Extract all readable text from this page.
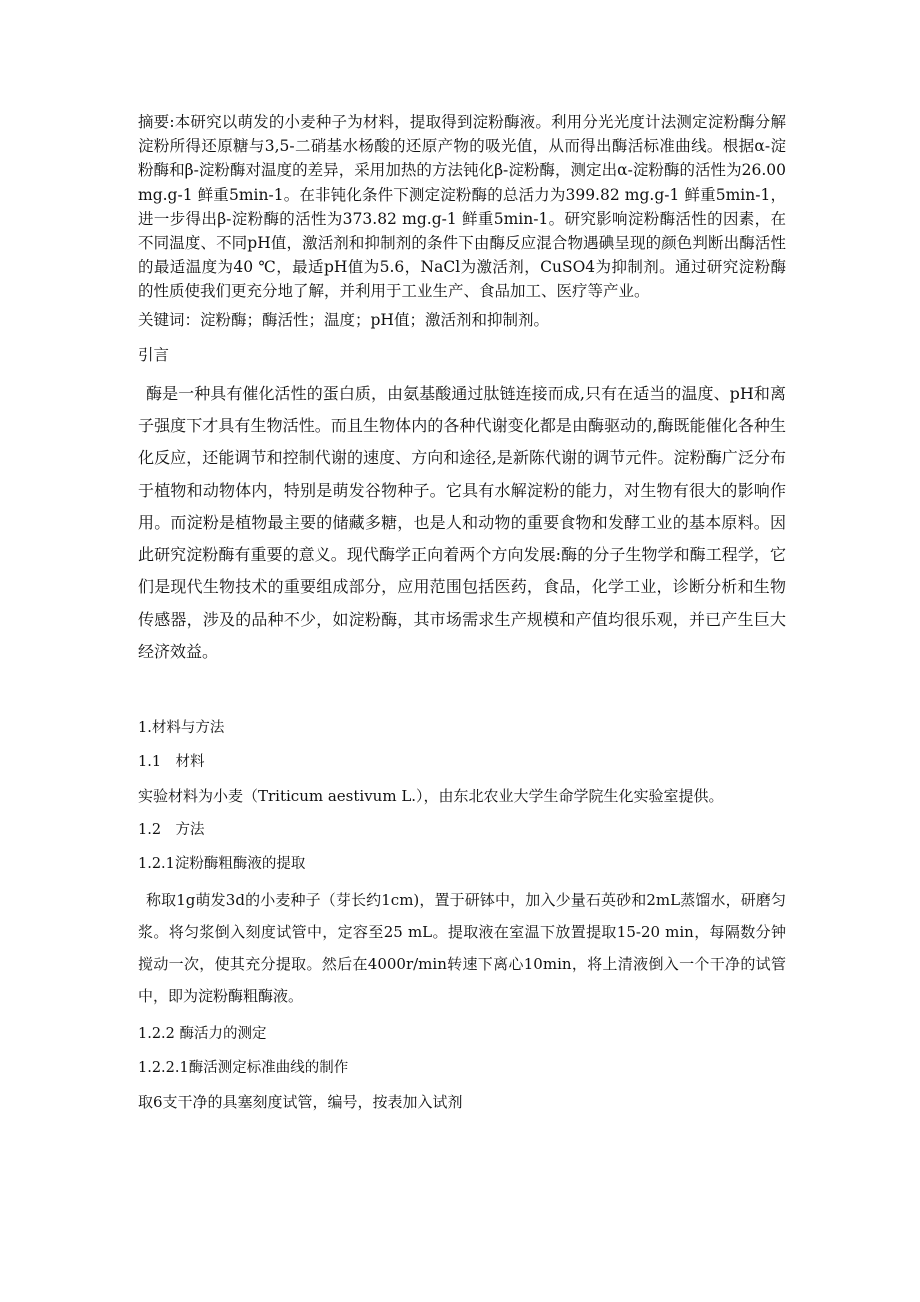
摘要:本研究以萌发的小麦种子为材料，提取得到淀粉酶液。利用分光光度计法测定淀粉酶分解淀粉所得还原糖与3,5-二硝基水杨酸的还原产物的吸光值，从而得出酶活标准曲线。根据α-淀粉酶和β-淀粉酶对温度的差异，采用加热的方法钝化β-淀粉酶，测定出α-淀粉酶的活性为26.00 mg.g-1 鲜重5min-1。在非钝化条件下测定淀粉酶的总活力为399.82 mg.g-1 鲜重5min-1，进一步得出β-淀粉酶的活性为373.82 mg.g-1 鲜重5min-1。研究影响淀粉酶活性的因素，在不同温度、不同pH值，激活剂和抑制剂的条件下由酶反应混合物遇碘呈现的颜色判断出酶活性的最适温度为40 ℃，最适pH值为5.6，NaCl为激活剂，CuSO4为抑制剂。通过研究淀粉酶的性质使我们更充分地了解，并利用于工业生产、食品加工、医疗等产业。

关键词：淀粉酶；酶活性；温度；pH值；激活剂和抑制剂。

引言

酶是一种具有催化活性的蛋白质，由氨基酸通过肽链连接而成,只有在适当的温度、pH和离子强度下才具有生物活性。而且生物体内的各种代谢变化都是由酶驱动的,酶既能催化各种生化反应，还能调节和控制代谢的速度、方向和途径,是新陈代谢的调节元件。淀粉酶广泛分布于植物和动物体内，特别是萌发谷物种子。它具有水解淀粉的能力，对生物有很大的影响作用。而淀粉是植物最主要的储藏多糖，也是人和动物的重要食物和发酵工业的基本原料。因此研究淀粉酶有重要的意义。现代酶学正向着两个方向发展:酶的分子生物学和酶工程学，它们是现代生物技术的重要组成部分，应用范围包括医药，食品，化学工业，诊断分析和生物传感器，涉及的品种不少，如淀粉酶，其市场需求生产规模和产值均很乐观，并已产生巨大经济效益。

1.材料与方法

1.1　材料

实验材料为小麦（Triticum aestivum L.），由东北农业大学生命学院生化实验室提供。

1.2　方法

1.2.1淀粉酶粗酶液的提取

称取1g萌发3d的小麦种子（芽长约1cm)，置于研钵中，加入少量石英砂和2mL蒸馏水，研磨匀浆。将匀浆倒入刻度试管中，定容至25 mL。提取液在室温下放置提取15-20 min，每隔数分钟搅动一次，使其充分提取。然后在4000r/min转速下离心10min，将上清液倒入一个干净的试管中，即为淀粉酶粗酶液。

1.2.2 酶活力的测定

1.2.2.1酶活测定标准曲线的制作

取6支干净的具塞刻度试管，编号，按表加入试剂
